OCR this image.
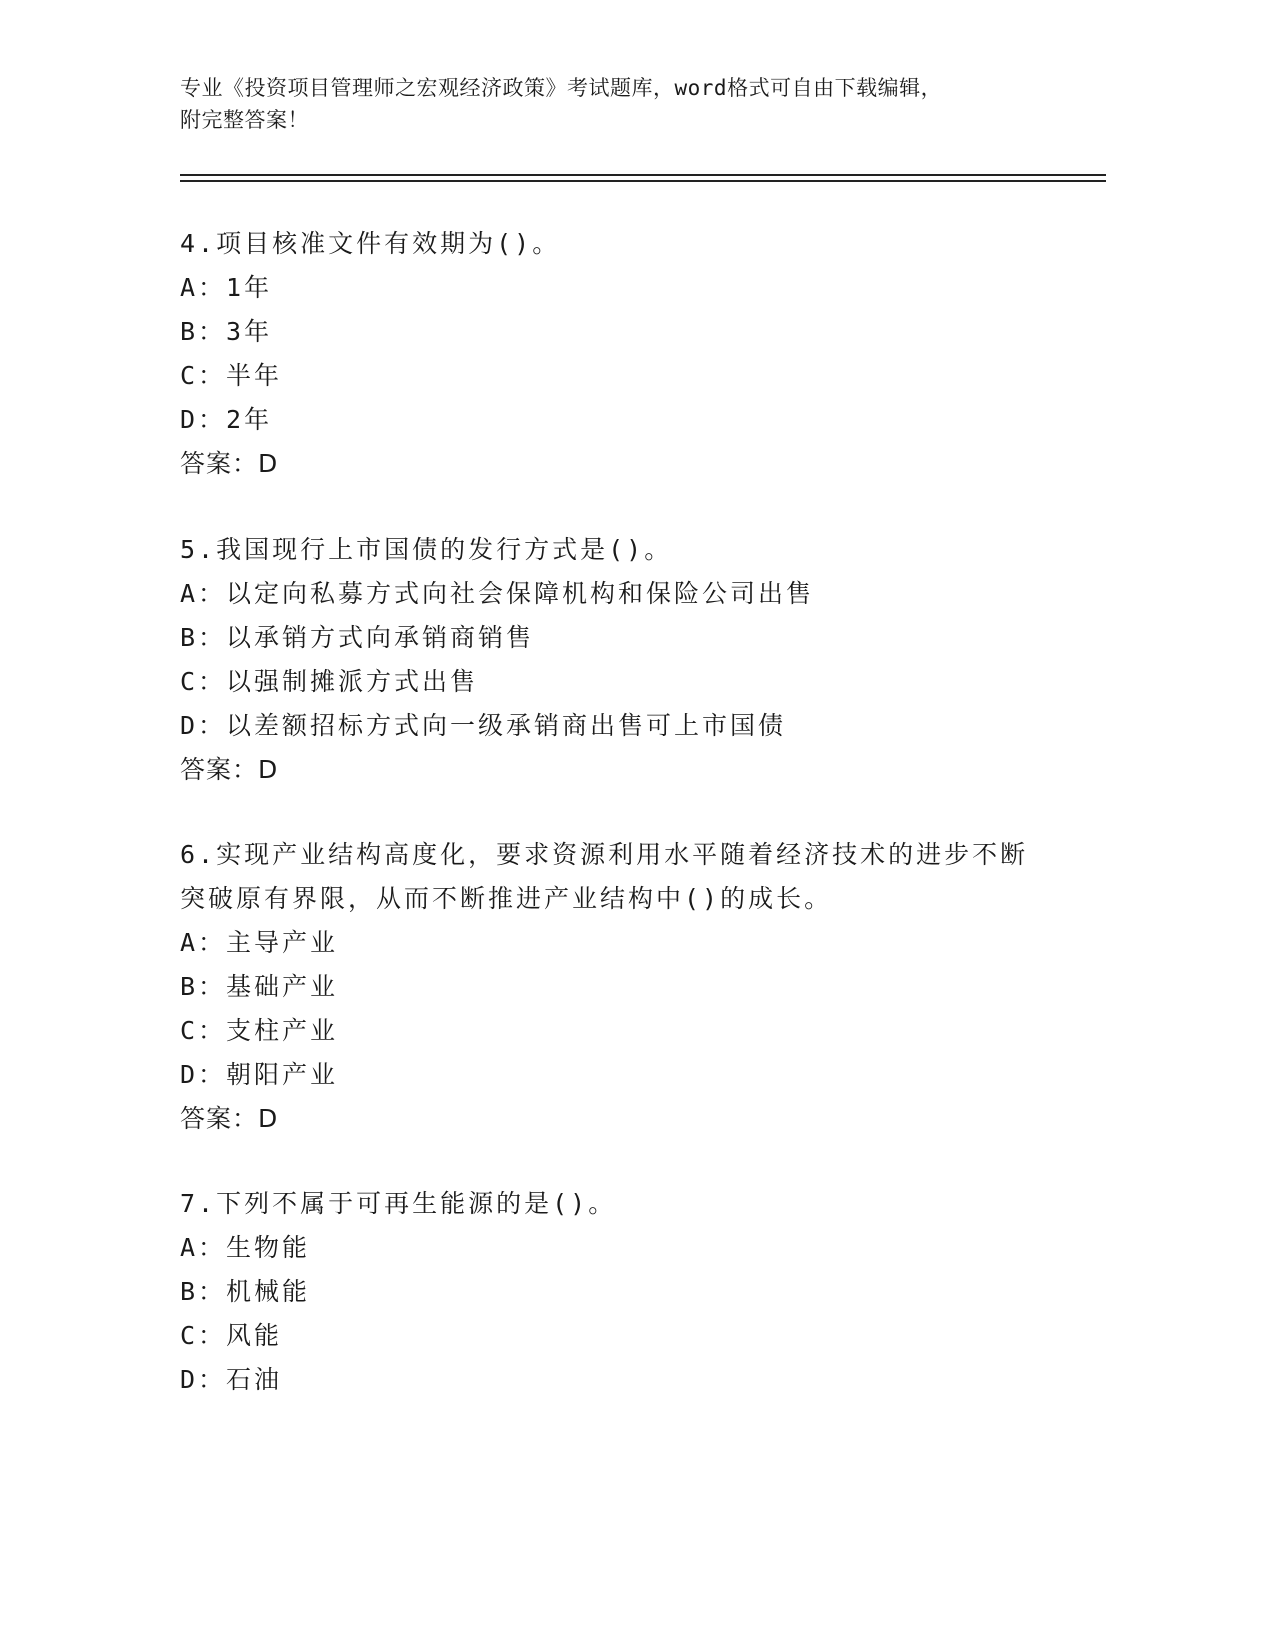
专业《投资项目管理师之宏观经济政策》考试题库，word格式可自由下载编辑，
附完整答案！
4.项目核准文件有效期为()。
A：1年
B：3年
C：半年
D：2年
答案：D
5.我国现行上市国债的发行方式是()。
A：以定向私募方式向社会保障机构和保险公司出售
B：以承销方式向承销商销售
C：以强制摊派方式出售
D：以差额招标方式向一级承销商出售可上市国债
答案：D
6.实现产业结构高度化，要求资源利用水平随着经济技术的进步不断
突破原有界限，从而不断推进产业结构中()的成长。
A：主导产业
B：基础产业
C：支柱产业
D：朝阳产业
答案：D
7.下列不属于可再生能源的是()。
A：生物能
B：机械能
C：风能
D：石油
